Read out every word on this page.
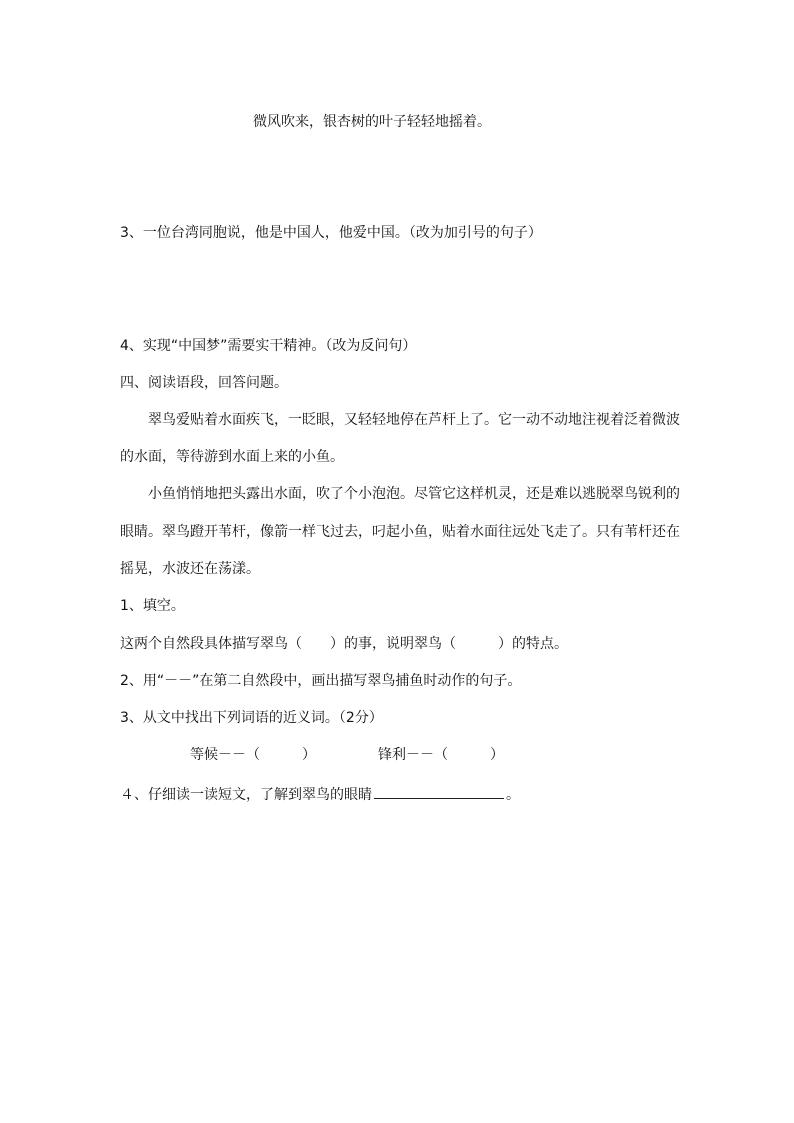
微风吹来，银杏树的叶子轻轻地摇着。
3、一位台湾同胞说，他是中国人，他爱中国。（改为加引号的句子）
4、实现“中国梦”需要实干精神。（改为反问句）
四、阅读语段，回答问题。
翠鸟爱贴着水面疾飞，一眨眼，又轻轻地停在芦杆上了。它一动不动地注视着泛着微波
的水面，等待游到水面上来的小鱼。
小鱼悄悄地把头露出水面，吹了个小泡泡。尽管它这样机灵，还是难以逃脱翠鸟锐利的
眼睛。翠鸟蹬开苇杆，像箭一样飞过去，叼起小鱼，贴着水面往远处飞走了。只有苇杆还在
摇晃，水波还在荡漾。
1、填空。
这两个自然段具体描写翠鸟（　　）的事，说明翠鸟（　　　）的特点。
2、用“－－”在第二自然段中，画出描写翠鸟捕鱼时动作的句子。
3、从文中找出下列词语的近义词。（2分）
等候－－（　　　）	锋利－－（　　　）
４、仔细读一读短文，了解到翠鸟的眼睛	。
